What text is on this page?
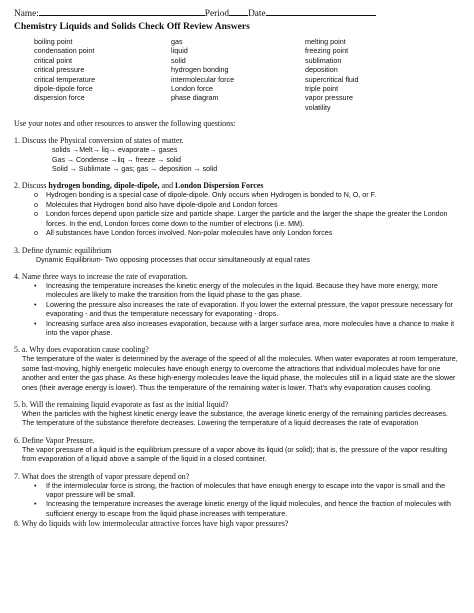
Name:	Period Date
Chemistry Liquids and Solids Check Off Review Answers
boiling point
condensation point
critical point
critical pressure
critical temperature
dipole-dipole force
dispersion force
gas
liquid
solid
hydrogen bonding
intermolecular force
London force
phase diagram
melting point
freezing point
sublimation
deposition
supercritical fluid
triple point
vapor pressure
volatility
Use your notes and other resources to answer the following questions:
1. Discuss the Physical conversion of states of matter.
solids →Melt→ liq→ evaporate→ gases
Gas → Condense →liq → freeze → solid
Solid → Sublimate → gas; gas → deposition → solid
2. Discuss hydrogen bonding, dipole-dipole, and London Dispersion Forces
o Hydrogen bonding is a special case of dipole-dipole. Only occurs when Hydrogen is bonded to N, O, or F.
o Molecules that Hydrogen bond also have dipole-dipole and London forces
o London forces depend upon particle size and particle shape. Larger the particle and the larger the shape the greater the London forces. In the end, London forces come down to the number of electrons (i.e. MM).
o All substances have London forces involved. Non-polar molecules have only London forces
3. Define dynamic equilibrium
Dynamic Equilibrium- Two opposing processes that occur simultaneously at equal rates
4. Name three ways to increase the rate of evaporation.
• Increasing the temperature increases the kinetic energy of the molecules in the liquid. Because they have more energy, more molecules are likely to make the transition from the liquid phase to the gas phase.
• Lowering the pressure also increases the rate of evaporation. If you lower the external pressure, the vapor pressure necessary for evaporating - and thus the temperature necessary for evaporating - drops.
• Increasing surface area also increases evaporation, because with a larger surface area, more molecules have a chance to make it into the vapor phase.
5. a. Why does evaporation cause cooling?
The temperature of the water is determined by the average of the speed of all the molecules. When water evaporates at room temperature, some fast-moving, highly energetic molecules have enough energy to overcome the attractions that individual molecules have for one another and enter the gas phase. As these high-energy molecules leave the liquid phase, the molecules still in a liquid state are the slower ones (their average energy is lower). Thus the temperature of the remaining water is lower. That's why evaporation causes cooling.
5. b. Will the remaining liquid evaporate as fast as the initial liquid?
When the particles with the highest kinetic energy leave the substance, the average kinetic energy of the remaining particles decreases. The temperature of the substance therefore decreases. Lowering the temperature of a liquid decreases the rate of evaporation
6. Define Vapor Pressure.
The vapor pressure of a liquid is the equilibrium pressure of a vapor above its liquid (or solid); that is, the pressure of the vapor resulting from evaporation of a liquid above a sample of the liquid in a closed container.
7. What does the strength of vapor pressure depend on?
• If the intermolecular force is strong, the fraction of molecules that have enough energy to escape into the vapor is small and the vapor pressure will be small.
• Increasing the temperature increases the average kinetic energy of the liquid molecules, and hence the fraction of molecules with sufficient energy to escape from the liquid phase increases with temperature.
8. Why do liquids with low intermolecular attractive forces have high vapor pressures?
